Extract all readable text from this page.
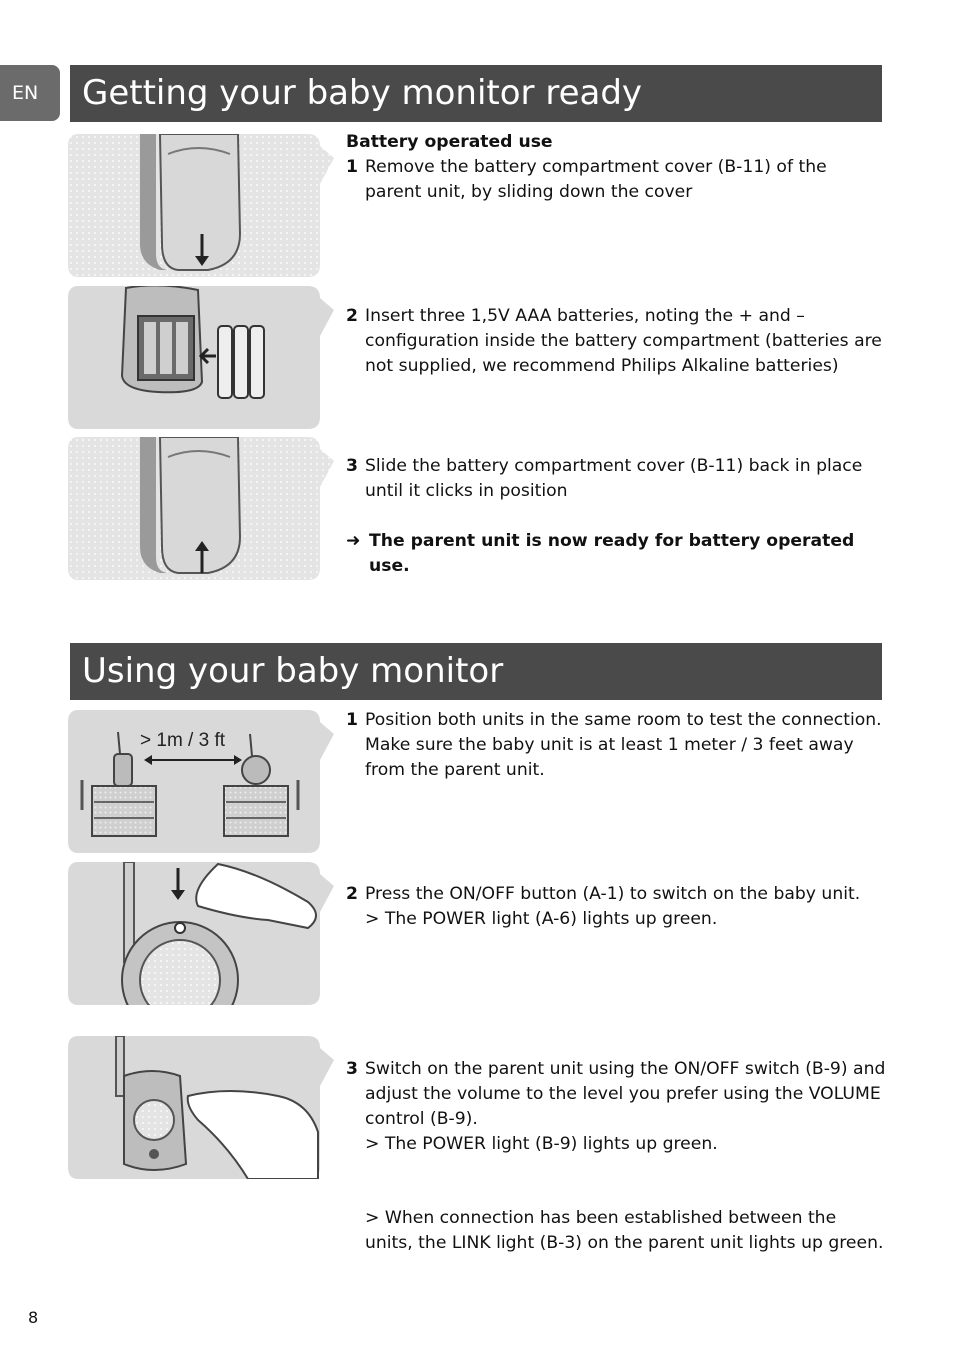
EN	Getting your baby monitor ready
Battery operated use
1 Remove the battery compartment cover (B-11) of the parent unit, by sliding down the cover
2 Insert three 1,5V AAA batteries, noting the + and – configuration inside the battery compartment (batteries are not supplied, we recommend Philips Alkaline batteries)
3 Slide the battery compartment cover (B-11) back in place until it clicks in position
➜ The parent unit is now ready for battery operated use.
Using your baby monitor
> 1m / 3 ft
1 Position both units in the same room to test the connection. Make sure the baby unit is at least 1 meter / 3 feet away from the parent unit.
2 Press the ON/OFF button (A-1) to switch on the baby unit.
> The POWER light (A-6) lights up green.
3 Switch on the parent unit using the ON/OFF switch (B-9) and adjust the volume to the level you prefer using the VOLUME control (B-9).
> The POWER light (B-9) lights up green.
> When connection has been established between the units, the LINK light (B-3) on the parent unit lights up green.
8
